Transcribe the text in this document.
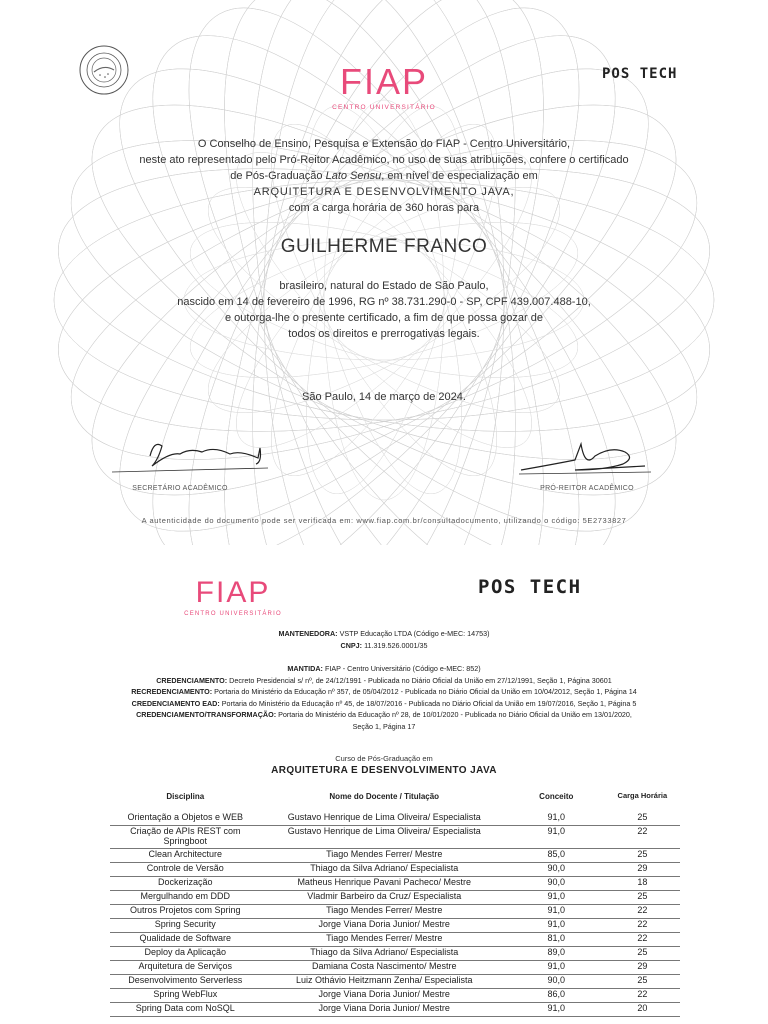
FIAP
CENTRO UNIVERSITÁRIO
POS TECH
O Conselho de Ensino, Pesquisa e Extensão do FIAP - Centro Universitário,
neste ato representado pelo Pró-Reitor Acadêmico, no uso de suas atribuições, confere o certificado
de Pós-Graduação Lato Sensu, em nível de especialização em
ARQUITETURA E DESENVOLVIMENTO JAVA,
com a carga horária de 360 horas para
GUILHERME FRANCO
brasileiro, natural do Estado de São Paulo,
nascido em 14 de fevereiro de 1996, RG nº 38.731.290-0 - SP, CPF 439.007.488-10,
e outorga-lhe o presente certificado, a fim de que possa gozar de
todos os direitos e prerrogativas legais.
São Paulo, 14 de março de 2024.
SECRETÁRIO ACADÊMICO	PRÓ-REITOR ACADÊMICO
A autenticidade do documento pode ser verificada em: www.fiap.com.br/consultadocumento, utilizando o código: 5E2733827
FIAP
CENTRO UNIVERSITÁRIO
POS TECH
MANTENEDORA: VSTP Educação LTDA (Código e-MEC: 14753)
CNPJ: 11.319.526.0001/35
MANTIDA: FIAP - Centro Universitário (Código e-MEC: 852)
CREDENCIAMENTO: Decreto Presidencial s/ nº, de 24/12/1991 - Publicada no Diário Oficial da União em 27/12/1991, Seção 1, Página 30601
RECREDENCIAMENTO: Portaria do Ministério da Educação nº 357, de 05/04/2012 - Publicada no Diário Oficial da União em 10/04/2012, Seção 1, Página 14
CREDENCIAMENTO EAD: Portaria do Ministério da Educação nº 45, de 18/07/2016 - Publicada no Diário Oficial da União em 19/07/2016, Seção 1, Página 5
CREDENCIAMENTO/TRANSFORMAÇÃO: Portaria do Ministério da Educação nº 28, de 10/01/2020 - Publicada no Diário Oficial da União em 13/01/2020,
Seção 1, Página 17
Curso de Pós-Graduação em
ARQUITETURA E DESENVOLVIMENTO JAVA
Disciplina	Nome do Docente / Titulação	Conceito	Carga Horária
Orientação a Objetos e WEB	Gustavo Henrique de Lima Oliveira/ Especialista	91,0	25
Criação de APIs REST com Springboot	Gustavo Henrique de Lima Oliveira/ Especialista	91,0	22
Clean Architecture	Tiago Mendes Ferrer/ Mestre	85,0	25
Controle de Versão	Thiago da Silva Adriano/ Especialista	90,0	29
Dockerização	Matheus Henrique Pavani Pacheco/ Mestre	90,0	18
Mergulhando em DDD	Vladmir Barbeiro da Cruz/ Especialista	91,0	25
Outros Projetos com Spring	Tiago Mendes Ferrer/ Mestre	91,0	22
Spring Security	Jorge Viana Doria Junior/ Mestre	91,0	22
Qualidade de Software	Tiago Mendes Ferrer/ Mestre	81,0	22
Deploy da Aplicação	Thiago da Silva Adriano/ Especialista	89,0	25
Arquitetura de Serviços	Damiana Costa Nascimento/ Mestre	91,0	29
Desenvolvimento Serverless	Luiz Othávio Heitzmann Zenha/ Especialista	90,0	25
Spring WebFlux	Jorge Viana Doria Junior/ Mestre	86,0	22
Spring Data com NoSQL	Jorge Viana Doria Junior/ Mestre	91,0	20
